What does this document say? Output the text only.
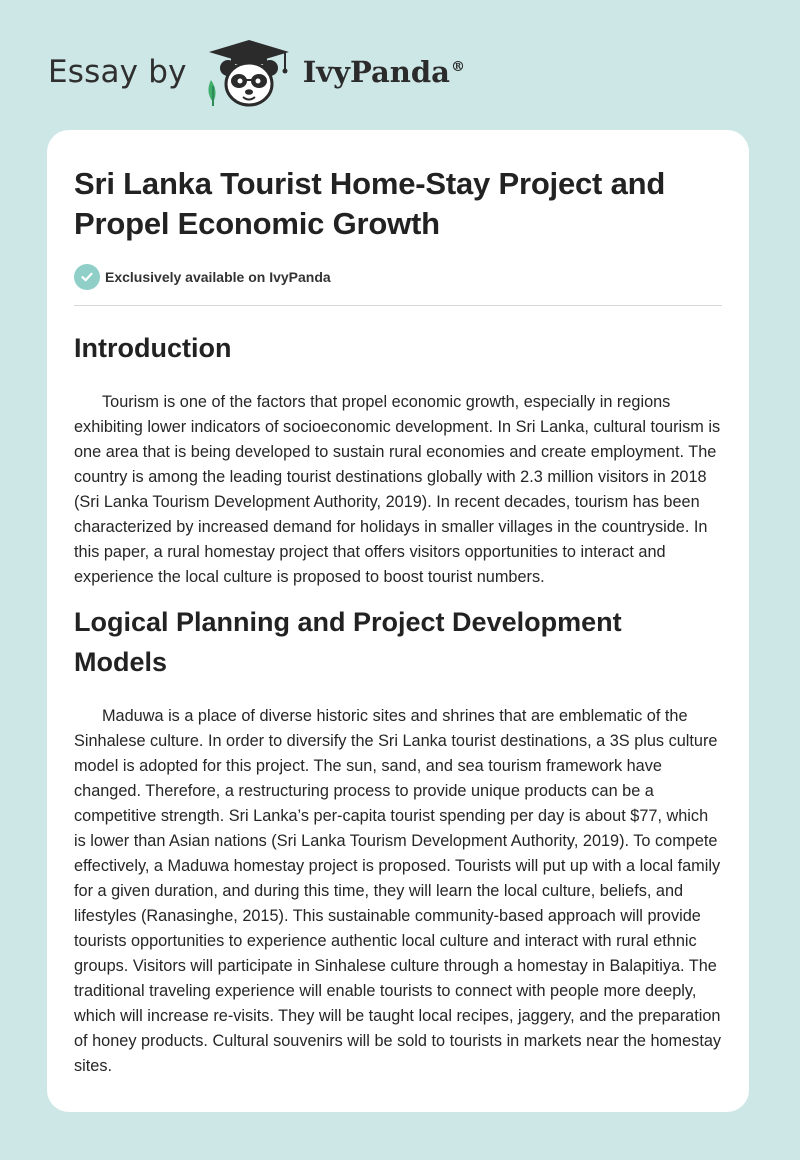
Essay by	IvyPanda®
Sri Lanka Tourist Home-Stay Project and Propel Economic Growth
Exclusively available on IvyPanda
Introduction

Tourism is one of the factors that propel economic growth, especially in regions exhibiting lower indicators of socioeconomic development. In Sri Lanka, cultural tourism is one area that is being developed to sustain rural economies and create employment. The country is among the leading tourist destinations globally with 2.3 million visitors in 2018 (Sri Lanka Tourism Development Authority, 2019). In recent decades, tourism has been characterized by increased demand for holidays in smaller villages in the countryside. In this paper, a rural homestay project that offers visitors opportunities to interact and experience the local culture is proposed to boost tourist numbers.

Logical Planning and Project Development Models

Maduwa is a place of diverse historic sites and shrines that are emblematic of the Sinhalese culture. In order to diversify the Sri Lanka tourist destinations, a 3S plus culture model is adopted for this project. The sun, sand, and sea tourism framework have changed. Therefore, a restructuring process to provide unique products can be a competitive strength. Sri Lanka’s per-capita tourist spending per day is about $77, which is lower than Asian nations (Sri Lanka Tourism Development Authority, 2019). To compete effectively, a Maduwa homestay project is proposed. Tourists will put up with a local family for a given duration, and during this time, they will learn the local culture, beliefs, and lifestyles (Ranasinghe, 2015). This sustainable community-based approach will provide tourists opportunities to experience authentic local culture and interact with rural ethnic groups. Visitors will participate in Sinhalese culture through a homestay in Balapitiya. The traditional traveling experience will enable tourists to connect with people more deeply, which will increase re-visits. They will be taught local recipes, jaggery, and the preparation of honey products. Cultural souvenirs will be sold to tourists in markets near the homestay sites.
